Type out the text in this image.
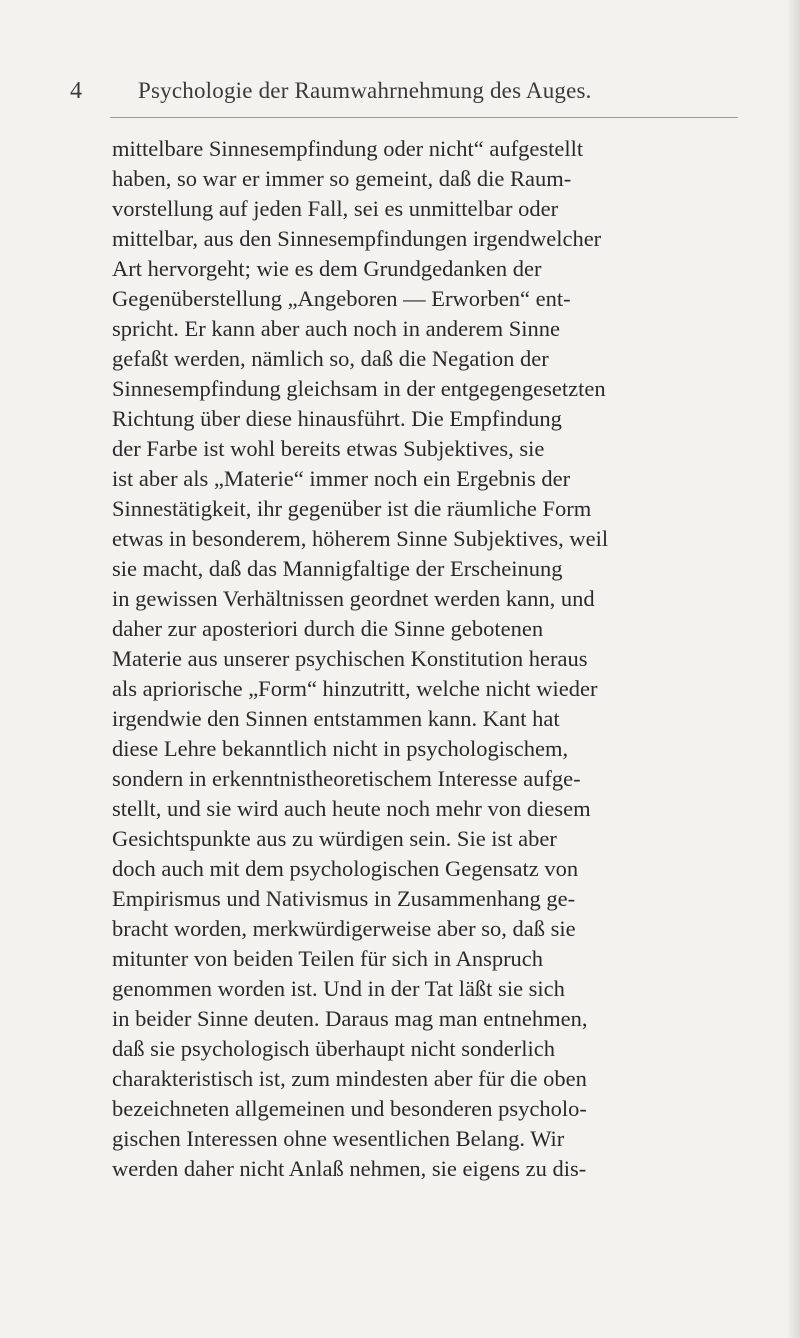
4 Psychologie der Raumwahrnehmung des Auges.
mittelbare Sinnesempfindung oder nicht“ aufgestellt
haben, so war er immer so gemeint, daß die Raum-
vorstellung auf jeden Fall, sei es unmittelbar oder
mittelbar, aus den Sinnesempfindungen irgendwelcher
Art hervorgeht; wie es dem Grundgedanken der
Gegenüberstellung „Angeboren — Erworben“ ent-
spricht. Er kann aber auch noch in anderem Sinne
gefaßt werden, nämlich so, daß die Negation der
Sinnesempfindung gleichsam in der entgegengesetzten
Richtung über diese hinausführt. Die Empfindung
der Farbe ist wohl bereits etwas Subjektives, sie
ist aber als „Materie“ immer noch ein Ergebnis der
Sinnestätigkeit, ihr gegenüber ist die räumliche Form
etwas in besonderem, höherem Sinne Subjektives, weil
sie macht, daß das Mannigfaltige der Erscheinung
in gewissen Verhältnissen geordnet werden kann, und
daher zur aposteriori durch die Sinne gebotenen
Materie aus unserer psychischen Konstitution heraus
als apriorische „Form“ hinzutritt, welche nicht wieder
irgendwie den Sinnen entstammen kann. Kant hat
diese Lehre bekanntlich nicht in psychologischem,
sondern in erkenntnistheoretischem Interesse aufge-
stellt, und sie wird auch heute noch mehr von diesem
Gesichtspunkte aus zu würdigen sein. Sie ist aber
doch auch mit dem psychologischen Gegensatz von
Empirismus und Nativismus in Zusammenhang ge-
bracht worden, merkwürdigerweise aber so, daß sie
mitunter von beiden Teilen für sich in Anspruch
genommen worden ist. Und in der Tat läßt sie sich
in beider Sinne deuten. Daraus mag man entnehmen,
daß sie psychologisch überhaupt nicht sonderlich
charakteristisch ist, zum mindesten aber für die oben
bezeichneten allgemeinen und besonderen psycholo-
gischen Interessen ohne wesentlichen Belang. Wir
werden daher nicht Anlaß nehmen, sie eigens zu dis-
